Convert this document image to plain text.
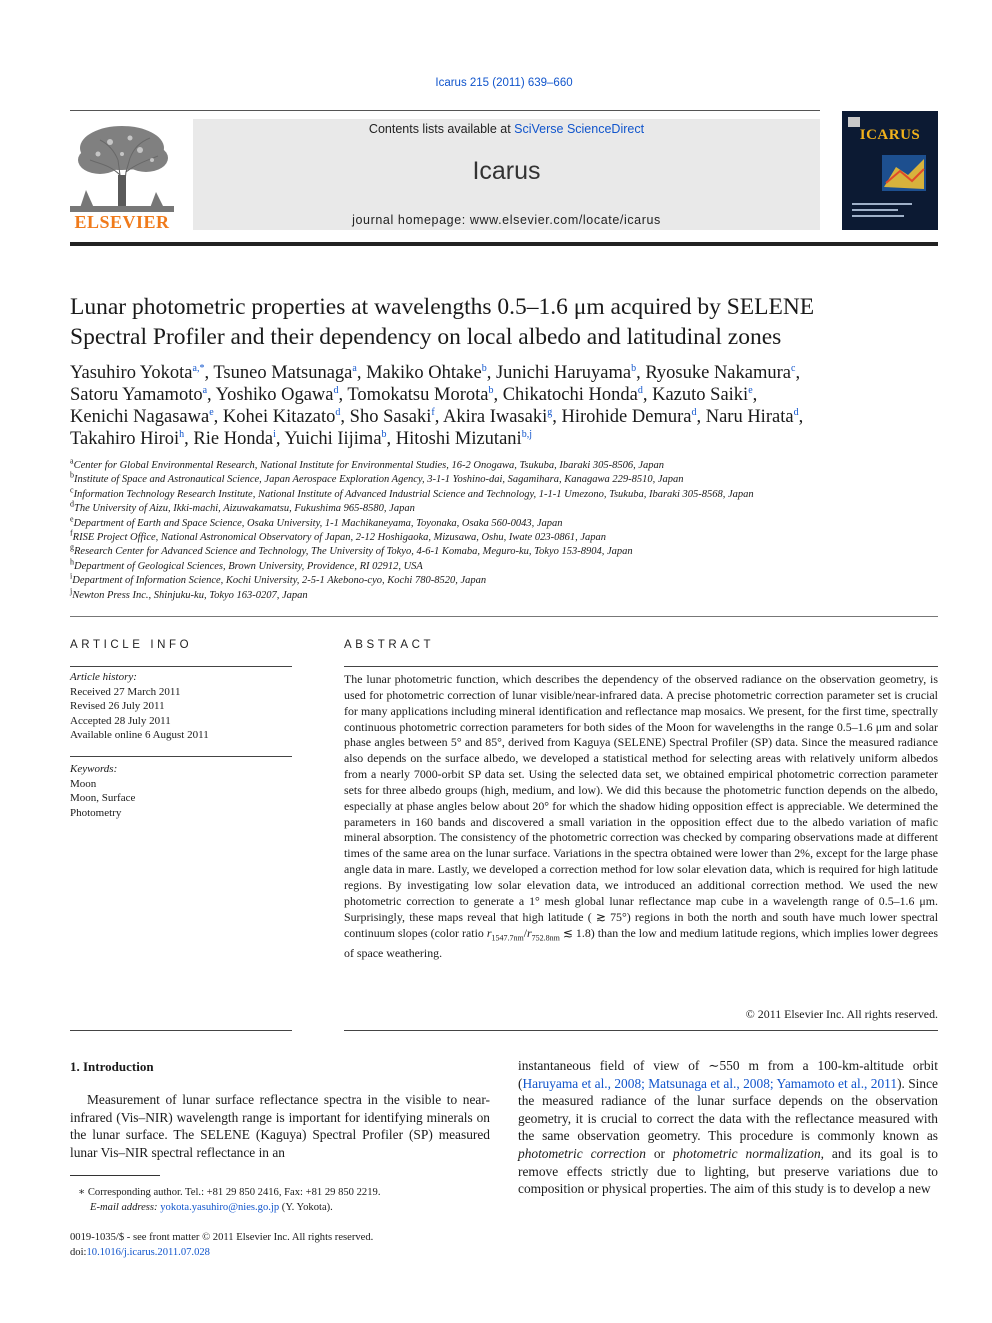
Icarus 215 (2011) 639–660
ELSEVIER
Contents lists available at SciVerse ScienceDirect
Icarus
journal homepage: www.elsevier.com/locate/icarus
ICARUS
Lunar photometric properties at wavelengths 0.5–1.6 μm acquired by SELENE
Spectral Profiler and their dependency on local albedo and latitudinal zones
Yasuhiro Yokota$^{a,*}$, Tsuneo Matsunaga$^a$, Makiko Ohtake$^b$, Junichi Haruyama$^b$, Ryosuke Nakamura$^c$,
Satoru Yamamoto$^a$, Yoshiko Ogawa$^d$, Tomokatsu Morota$^b$, Chikatochi Honda$^d$, Kazuto Saiki$^e$,
Kenichi Nagasawa$^e$, Kohei Kitazato$^d$, Sho Sasaki$^f$, Akira Iwasaki$^g$, Hirohide Demura$^d$, Naru Hirata$^d$,
Takahiro Hiroi$^h$, Rie Honda$^i$, Yuichi Iijima$^b$, Hitoshi Mizutani$^{b,j}$
$^a$Center for Global Environmental Research, National Institute for Environmental Studies, 16-2 Onogawa, Tsukuba, Ibaraki 305-8506, Japan
$^b$Institute of Space and Astronautical Science, Japan Aerospace Exploration Agency, 3-1-1 Yoshino-dai, Sagamihara, Kanagawa 229-8510, Japan
$^c$Information Technology Research Institute, National Institute of Advanced Industrial Science and Technology, 1-1-1 Umezono, Tsukuba, Ibaraki 305-8568, Japan
$^d$The University of Aizu, Ikki-machi, Aizuwakamatsu, Fukushima 965-8580, Japan
$^e$Department of Earth and Space Science, Osaka University, 1-1 Machikaneyama, Toyonaka, Osaka 560-0043, Japan
$^f$RISE Project Office, National Astronomical Observatory of Japan, 2-12 Hoshigaoka, Mizusawa, Oshu, Iwate 023-0861, Japan
$^g$Research Center for Advanced Science and Technology, The University of Tokyo, 4-6-1 Komaba, Meguro-ku, Tokyo 153-8904, Japan
$^h$Department of Geological Sciences, Brown University, Providence, RI 02912, USA
$^i$Department of Information Science, Kochi University, 2-5-1 Akebono-cyo, Kochi 780-8520, Japan
$^j$Newton Press Inc., Shinjuku-ku, Tokyo 163-0207, Japan
ARTICLE INFO
Article history:
Received 27 March 2011
Revised 26 July 2011
Accepted 28 July 2011
Available online 6 August 2011
Keywords:
Moon
Moon, Surface
Photometry
ABSTRACT
The lunar photometric function, which describes the dependency of the observed radiance on the observation geometry, is used for photometric correction of lunar visible/near-infrared data. A precise photometric correction parameter set is crucial for many applications including mineral identification and reflectance map mosaics. We present, for the first time, spectrally continuous photometric correction parameters for both sides of the Moon for wavelengths in the range 0.5–1.6 μm and solar phase angles between 5° and 85°, derived from Kaguya (SELENE) Spectral Profiler (SP) data. Since the measured radiance also depends on the surface albedo, we developed a statistical method for selecting areas with relatively uniform albedos from a nearly 7000-orbit SP data set. Using the selected data set, we obtained empirical photometric correction parameter sets for three albedo groups (high, medium, and low). We did this because the photometric function depends on the albedo, especially at phase angles below about 20° for which the shadow hiding opposition effect is appreciable. We determined the parameters in 160 bands and discovered a small variation in the opposition effect due to the albedo variation of mafic mineral absorption. The consistency of the photometric correction was checked by comparing observations made at different times of the same area on the lunar surface. Variations in the spectra obtained were lower than 2%, except for the large phase angle data in mare. Lastly, we developed a correction method for low solar elevation data, which is required for high latitude regions. By investigating low solar elevation data, we introduced an additional correction method. We used the new photometric correction to generate a 1° mesh global lunar reflectance map cube in a wavelength range of 0.5–1.6 μm. Surprisingly, these maps reveal that high latitude ( ≳ 75°) regions in both the north and south have much lower spectral continuum slopes (color ratio $r_{1547.7nm}/r_{752.8nm}$ ≲ 1.8) than the low and medium latitude regions, which implies lower degrees of space weathering.
© 2011 Elsevier Inc. All rights reserved.
1. Introduction

Measurement of lunar surface reflectance spectra in the visible to near-infrared (Vis–NIR) wavelength range is important for identifying minerals on the lunar surface. The SELENE (Kaguya) Spectral Profiler (SP) measured lunar Vis–NIR spectral reflectance in an

instantaneous field of view of ∼550 m from a 100-km-altitude orbit (Haruyama et al., 2008; Matsunaga et al., 2008; Yamamoto et al., 2011). Since the measured radiance of the lunar surface depends on the observation geometry, it is crucial to correct the data with the reflectance measured with the same observation geometry. This procedure is commonly known as photometric correction or photometric normalization, and its goal is to remove effects strictly due to lighting, but preserve variations due to composition or physical properties. The aim of this study is to develop a new

∗ Corresponding author. Tel.: +81 29 850 2416, Fax: +81 29 850 2219.
E-mail address: yokota.yasuhiro@nies.go.jp (Y. Yokota).
0019-1035/$ - see front matter © 2011 Elsevier Inc. All rights reserved.
doi:10.1016/j.icarus.2011.07.028
